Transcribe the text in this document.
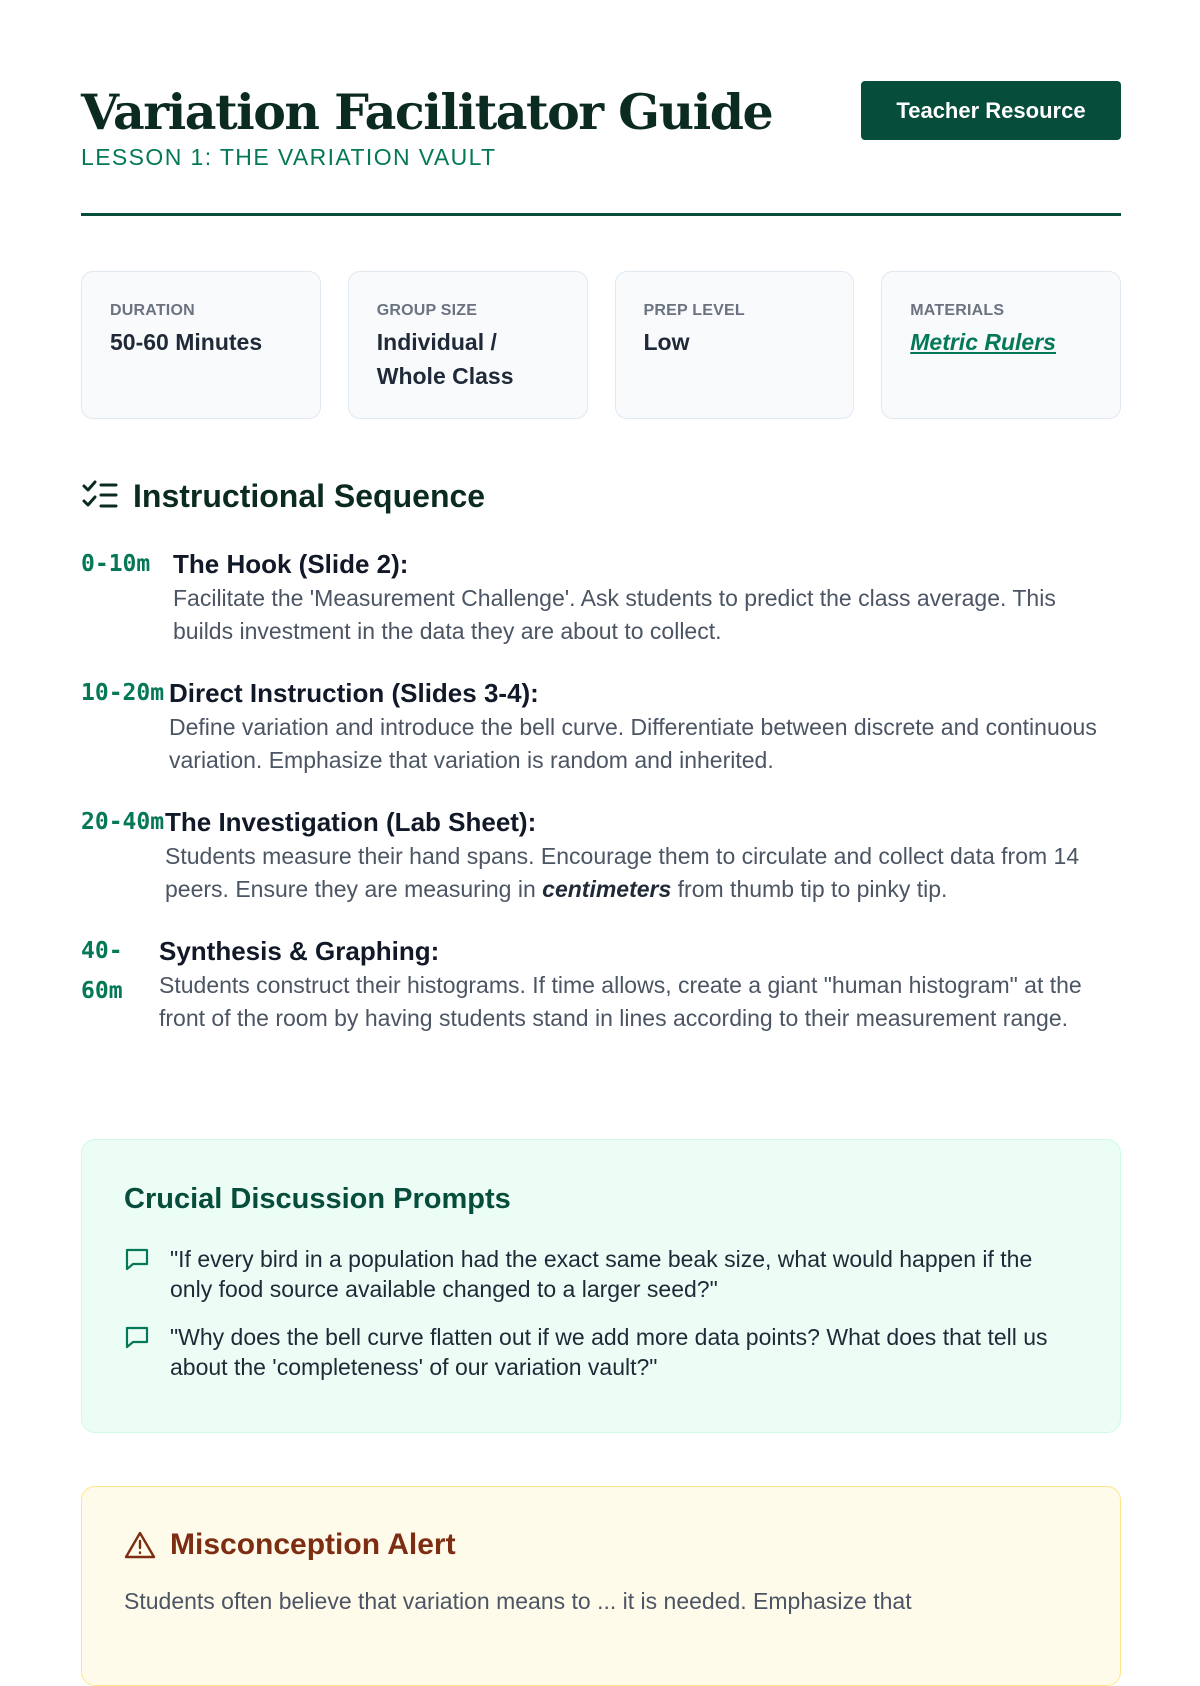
Variation Facilitator Guide
LESSON 1: THE VARIATION VAULT
Teacher Resource
DURATION
50-60 Minutes
GROUP SIZE
Individual / Whole Class
PREP LEVEL
Low
MATERIALS
Metric Rulers
Instructional Sequence
0-10m The Hook (Slide 2):
Facilitate the 'Measurement Challenge'. Ask students to predict the class average. This builds investment in the data they are about to collect.
10-20m Direct Instruction (Slides 3-4):
Define variation and introduce the bell curve. Differentiate between discrete and continuous variation. Emphasize that variation is random and inherited.
20-40m The Investigation (Lab Sheet):
Students measure their hand spans. Encourage them to circulate and collect data from 14 peers. Ensure they are measuring in centimeters from thumb tip to pinky tip.
40-60m
Synthesis & Graphing:
Students construct their histograms. If time allows, create a giant "human histogram" at the front of the room by having students stand in lines according to their measurement range.
Crucial Discussion Prompts
"If every bird in a population had the exact same beak size, what would happen if the only food source available changed to a larger seed?"
"Why does the bell curve flatten out if we add more data points? What does that tell us about the 'completeness' of our variation vault?"
Misconception Alert
Students often believe that variation means to ... it is needed. Emphasize that
